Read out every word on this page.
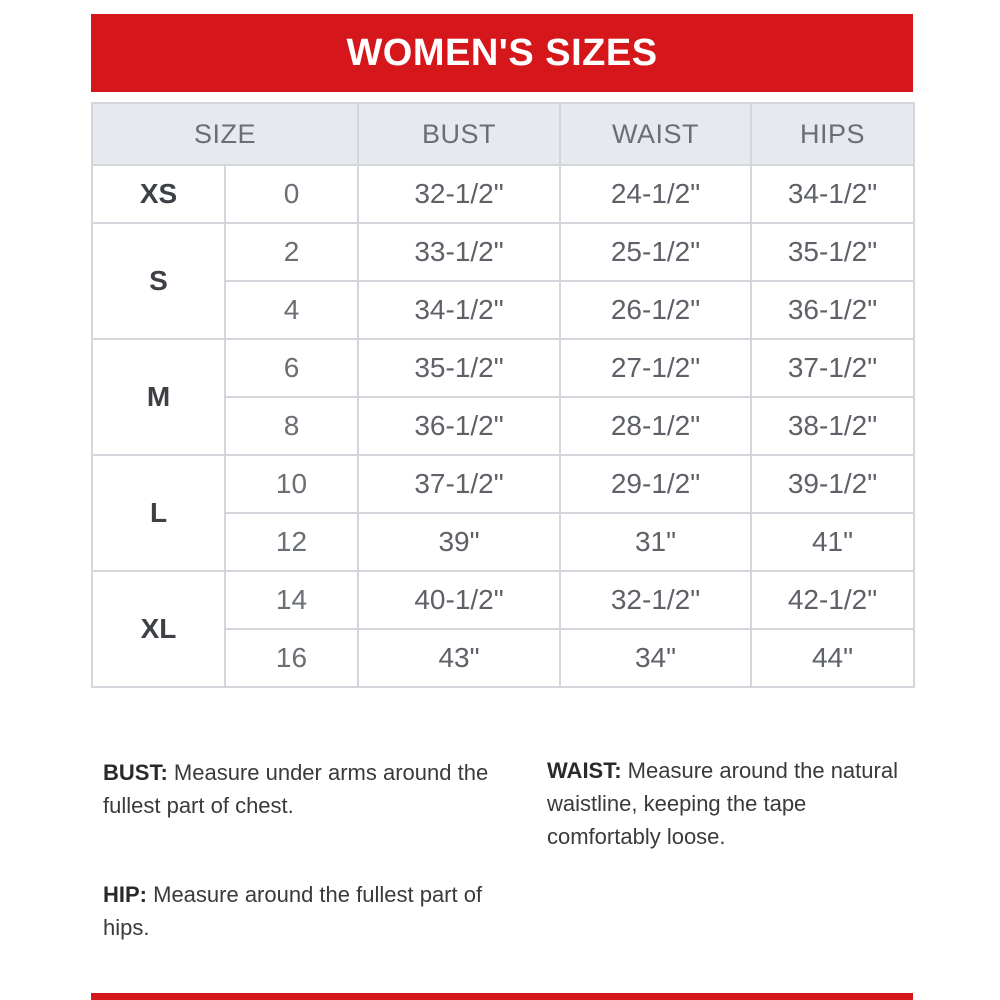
WOMEN'S SIZES
SIZE		BUST	WAIST	HIPS
XS	0	32-1/2"	24-1/2"	34-1/2"
S	2	33-1/2"	25-1/2"	35-1/2"
	4	34-1/2"	26-1/2"	36-1/2"
M	6	35-1/2"	27-1/2"	37-1/2"
	8	36-1/2"	28-1/2"	38-1/2"
L	10	37-1/2"	29-1/2"	39-1/2"
	12	39"	31"	41"
XL	14	40-1/2"	32-1/2"	42-1/2"
	16	43"	34"	44"
BUST: Measure under arms around the fullest part of chest.
WAIST: Measure around the natural waistline, keeping the tape comfortably loose.
HIP: Measure around the fullest part of hips.
